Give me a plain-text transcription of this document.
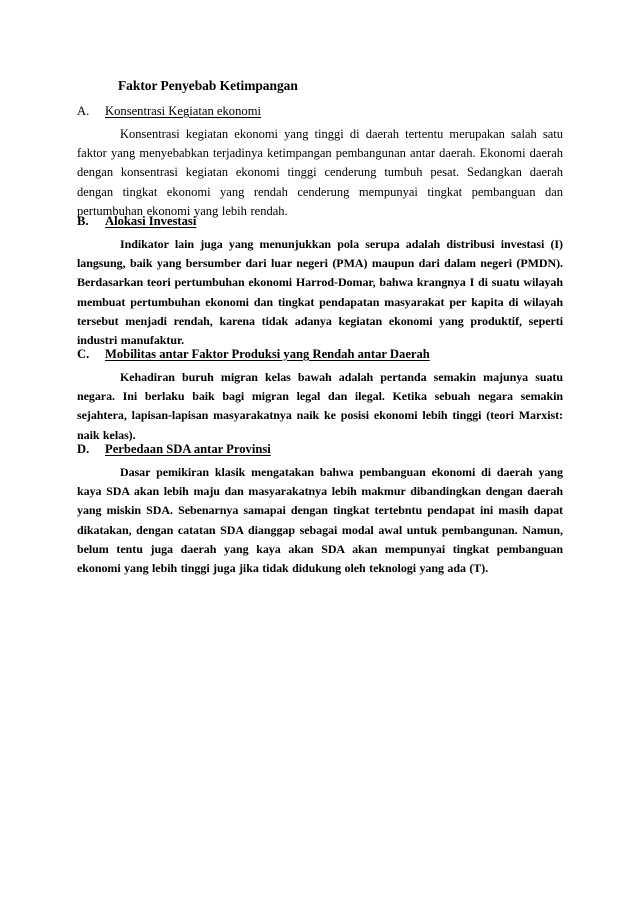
Faktor Penyebab Ketimpangan
A. Konsentrasi Kegiatan ekonomi

Konsentrasi kegiatan ekonomi yang tinggi di daerah tertentu merupakan salah satu faktor yang menyebabkan terjadinya ketimpangan pembangunan antar daerah. Ekonomi daerah dengan konsentrasi kegiatan ekonomi tinggi cenderung tumbuh pesat. Sedangkan daerah dengan tingkat ekonomi yang rendah cenderung mempunyai tingkat pembanguan dan pertumbuhan ekonomi yang lebih rendah.

B. Alokasi Investasi

Indikator lain juga yang menunjukkan pola serupa adalah distribusi investasi (I) langsung, baik yang bersumber dari luar negeri (PMA) maupun dari dalam negeri (PMDN). Berdasarkan teori pertumbuhan ekonomi Harrod-Domar, bahwa krangnya I di suatu wilayah membuat pertumbuhan ekonomi dan tingkat pendapatan masyarakat per kapita di wilayah tersebut menjadi rendah, karena tidak adanya kegiatan ekonomi yang produktif, seperti industri manufaktur.

C. Mobilitas antar Faktor Produksi yang Rendah antar Daerah

Kehadiran buruh migran kelas bawah adalah pertanda semakin majunya suatu negara. Ini berlaku baik bagi migran legal dan ilegal. Ketika sebuah negara semakin sejahtera, lapisan-lapisan masyarakatnya naik ke posisi ekonomi lebih tinggi (teori Marxist: naik kelas).

D. Perbedaan SDA antar Provinsi

Dasar pemikiran klasik mengatakan bahwa pembanguan ekonomi di daerah yang kaya SDA akan lebih maju dan masyarakatnya lebih makmur dibandingkan dengan daerah yang miskin SDA. Sebenarnya samapai dengan tingkat tertebntu pendapat ini masih dapat dikatakan, dengan catatan SDA dianggap sebagai modal awal untuk pembangunan. Namun, belum tentu juga daerah yang kaya akan SDA akan mempunyai tingkat pembanguan ekonomi yang lebih tinggi juga jika tidak didukung oleh teknologi yang ada (T).
